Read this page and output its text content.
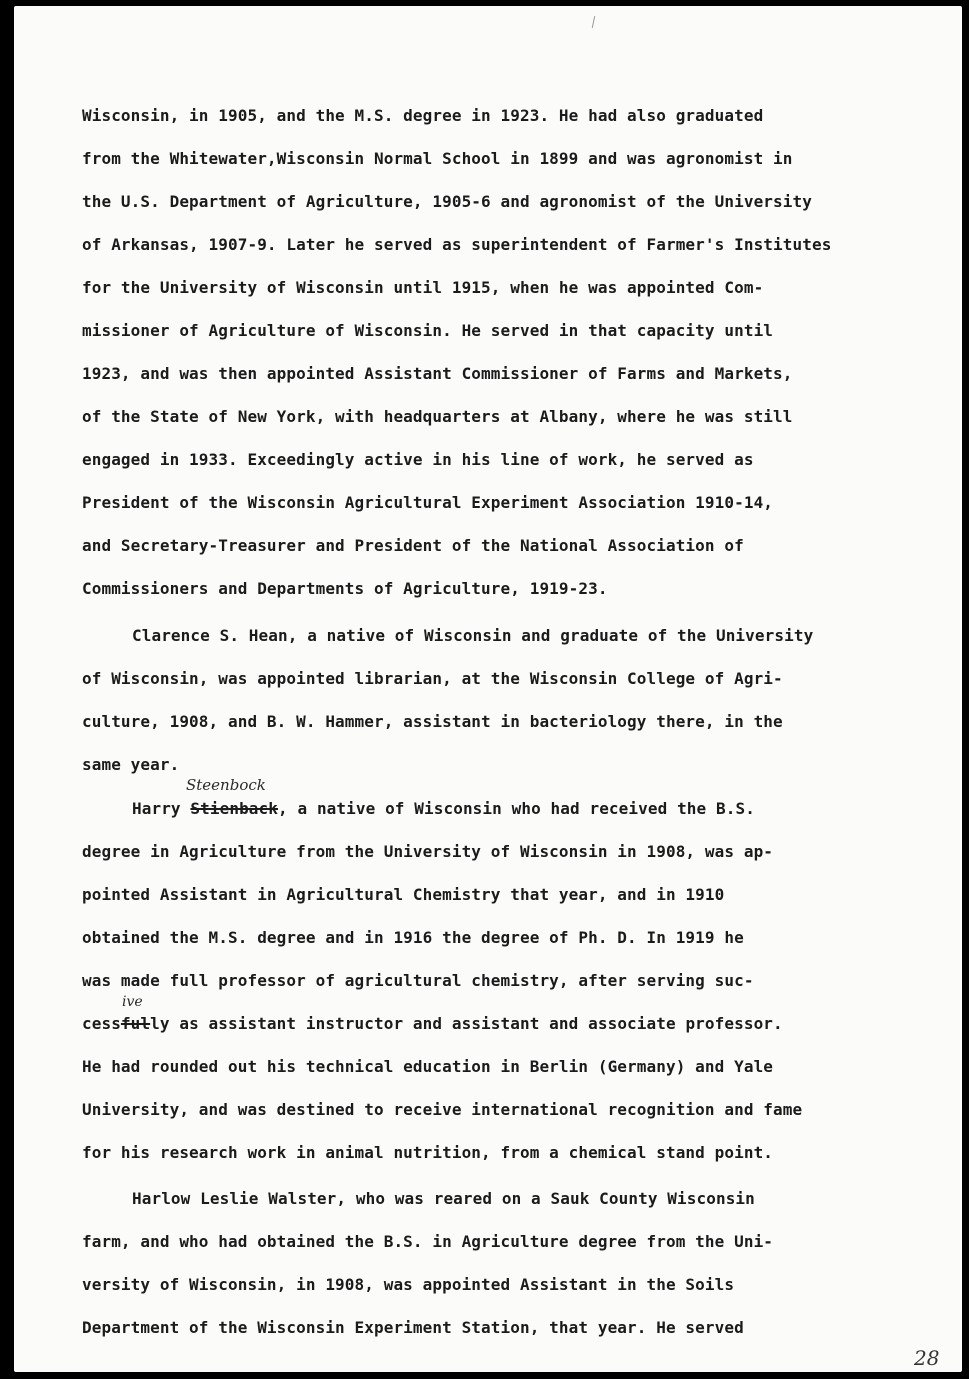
Wisconsin, in 1905, and the M.S. degree in 1923. He had also graduated
from the Whitewater,Wisconsin Normal School in 1899 and was agronomist in
the U.S. Department of Agriculture, 1905-6 and agronomist of the University
of Arkansas, 1907-9. Later he served as superintendent of Farmer's Institutes
for the University of Wisconsin until 1915, when he was appointed Com-
missioner of Agriculture of Wisconsin. He served in that capacity until
1923, and was then appointed Assistant Commissioner of Farms and Markets,
of the State of New York, with headquarters at Albany, where he was still
engaged in 1933. Exceedingly active in his line of work, he served as
President of the Wisconsin Agricultural Experiment Association 1910-14,
and Secretary-Treasurer and President of the National Association of
Commissioners and Departments of Agriculture, 1919-23.
Clarence S. Hean, a native of Wisconsin and graduate of the University
of Wisconsin, was appointed librarian, at the Wisconsin College of Agri-
culture, 1908, and B. W. Hammer, assistant in bacteriology there, in the
same year.
Steenbock
Harry Stienback, a native of Wisconsin who had received the B.S.
degree in Agriculture from the University of Wisconsin in 1908, was ap-
pointed Assistant in Agricultural Chemistry that year, and in 1910
obtained the M.S. degree and in 1916 the degree of Ph. D. In 1919 he
was made full professor of agricultural chemistry, after serving suc-
ive
cessfully as assistant instructor and assistant and associate professor.
He had rounded out his technical education in Berlin (Germany) and Yale
University, and was destined to receive international recognition and fame
for his research work in animal nutrition, from a chemical stand point.
Harlow Leslie Walster, who was reared on a Sauk County Wisconsin
farm, and who had obtained the B.S. in Agriculture degree from the Uni-
versity of Wisconsin, in 1908, was appointed Assistant in the Soils
Department of the Wisconsin Experiment Station, that year. He served
28
